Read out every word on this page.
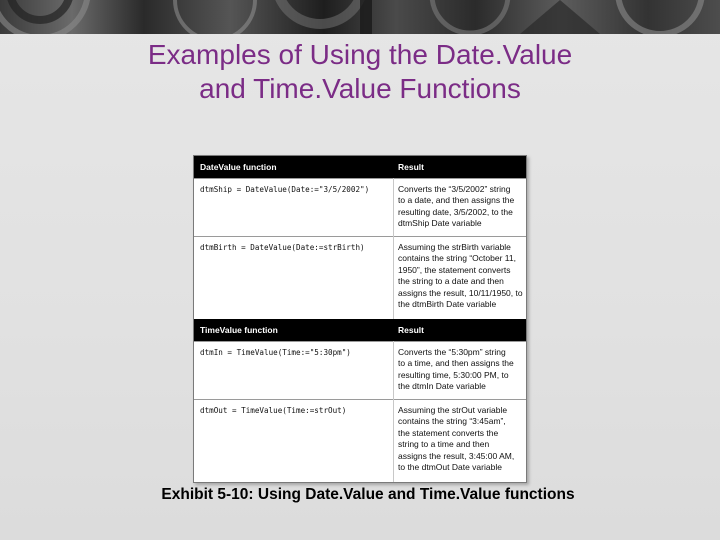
Examples of Using the Date.Value
and Time.Value Functions
DateValue function	Result
dtmShip = DateValue(Date:="3/5/2002")	Converts the “3/5/2002” string
to a date, and then assigns the
resulting date, 3/5/2002, to the
dtmShip Date variable
dtmBirth = DateValue(Date:=strBirth)	Assuming the strBirth variable
contains the string “October 11,
1950”, the statement converts
the string to a date and then
assigns the result, 10/11/1950, to
the dtmBirth Date variable
TimeValue function	Result
dtmIn = TimeValue(Time:="5:30pm")	Converts the “5:30pm” string
to a time, and then assigns the
resulting time, 5:30:00 PM, to
the dtmIn Date variable
dtmOut = TimeValue(Time:=strOut)	Assuming the strOut variable
contains the string “3:45am”,
the statement converts the
string to a time and then
assigns the result, 3:45:00 AM,
to the dtmOut Date variable
Exhibit 5-10: Using Date.Value and Time.Value functions
